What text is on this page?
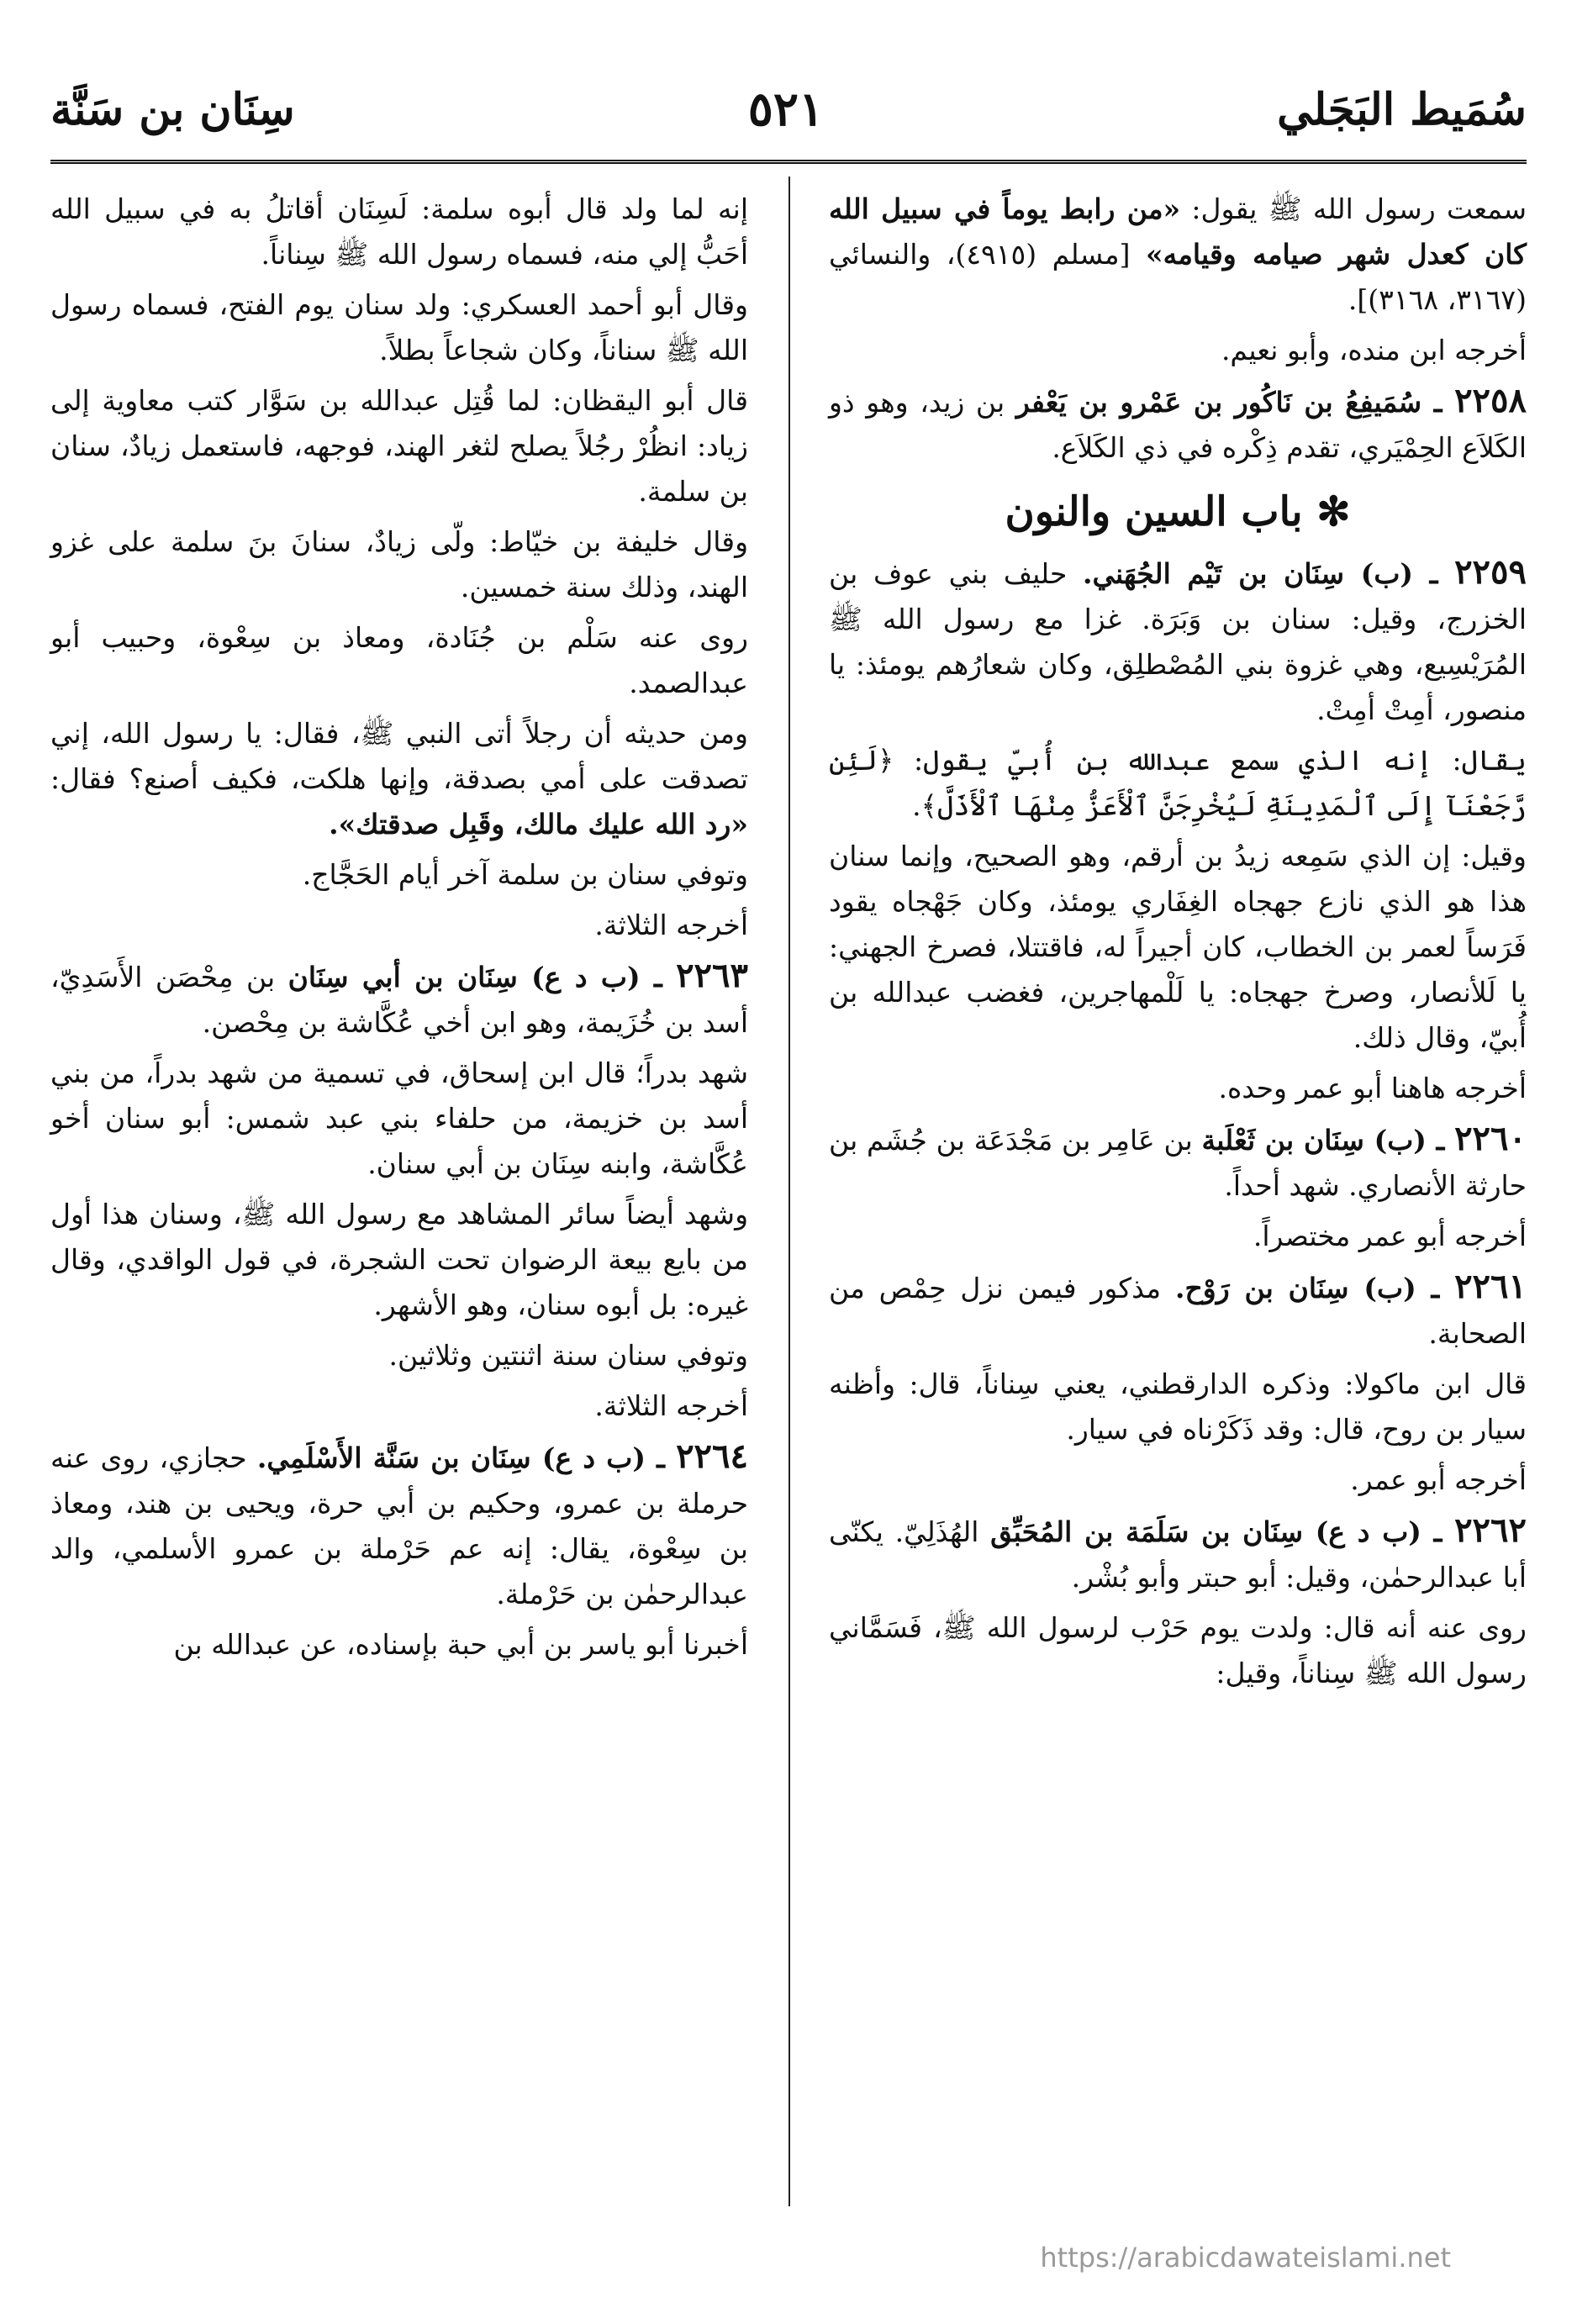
سُمَيط البَجَلي
٥٢١
سِنَان بن سَنَّة

سمعت رسول الله ﷺ يقول: «من رابط يوماً في سبيل الله كان كعدل شهر صيامه وقيامه» [مسلم (٤٩١٥)، والنسائي (٣١٦٧، ٣١٦٨)].

أخرجه ابن منده، وأبو نعيم.

٢٢٥٨ ـ سُمَيفِعُ بن نَاكُور بن عَمْرو بن يَعْفر بن زيد، وهو ذو الكَلاَع الحِمْيَري، تقدم ذِكْره في ذي الكَلاَع.

✻ باب السين والنون

٢٢٥٩ ـ (ب) سِنَان بن تَيْم الجُهَني. حليف بني عوف بن الخزرج، وقيل: سنان بن وَبَرَة. غزا مع رسول الله ﷺ المُرَيْسِيع، وهي غزوة بني المُصْطلِق، وكان شعارُهم يومئذ: يا منصور، أمِتْ أمِتْ.

يقال: إنه الذي سمع عبدالله بن أُبيّ يقول: ﴿لَئِن رَّجَعْنَآ إِلَى ٱلْمَدِينَةِ لَيُخْرِجَنَّ ٱلْأَعَزُّ مِنْهَا ٱلْأَذَلَّ﴾.

وقيل: إن الذي سَمِعه زيدُ بن أرقم، وهو الصحيح، وإنما سنان هذا هو الذي نازع جهجاه الغِفَاري يومئذ، وكان جَهْجاه يقود فَرَساً لعمر بن الخطاب، كان أجيراً له، فاقتتلا، فصرخ الجهني: يا لَلأنصار، وصرخ جهجاه: يا لَلْمهاجرين، فغضب عبدالله بن أُبيّ، وقال ذلك.

أخرجه هاهنا أبو عمر وحده.

٢٢٦٠ ـ (ب) سِنَان بن ثَعْلَبة بن عَامِر بن مَجْدَعَة بن جُشَم بن حارثة الأنصاري. شهد أحداً.

أخرجه أبو عمر مختصراً.

٢٢٦١ ـ (ب) سِنَان بن رَوْح. مذكور فيمن نزل حِمْص من الصحابة.

قال ابن ماكولا: وذكره الدارقطني، يعني سِناناً، قال: وأظنه سيار بن روح، قال: وقد ذَكَرْناه في سيار.

أخرجه أبو عمر.

٢٢٦٢ ـ (ب د ع) سِنَان بن سَلَمَة بن المُحَبِّق الهُذَلِيّ. يكنّى أبا عبدالرحمٰن، وقيل: أبو حبتر وأبو بُشْر.

روى عنه أنه قال: ولدت يوم حَرْب لرسول الله ﷺ، فَسَمَّاني رسول الله ﷺ سِناناً، وقيل:

إنه لما ولد قال أبوه سلمة: لَسِنَان أقاتلُ به في سبيل الله أحَبُّ إلي منه، فسماه رسول الله ﷺ سِناناً.

وقال أبو أحمد العسكري: ولد سنان يوم الفتح، فسماه رسول الله ﷺ سناناً، وكان شجاعاً بطلاً.

قال أبو اليقظان: لما قُتِل عبدالله بن سَوَّار كتب معاوية إلى زياد: انظُرْ رجُلاً يصلح لثغر الهند، فوجهه، فاستعمل زيادٌ، سنان بن سلمة.

وقال خليفة بن خيّاط: ولّى زيادٌ، سنانَ بنَ سلمة على غزو الهند، وذلك سنة خمسين.

روى عنه سَلْم بن جُنَادة، ومعاذ بن سِعْوة، وحبيب أبو عبدالصمد.

ومن حديثه أن رجلاً أتى النبي ﷺ، فقال: يا رسول الله، إني تصدقت على أمي بصدقة، وإنها هلكت، فكيف أصنع؟ فقال: «رد الله عليك مالك، وقَبِل صدقتك».

وتوفي سنان بن سلمة آخر أيام الحَجَّاج.

أخرجه الثلاثة.

٢٢٦٣ ـ (ب د ع) سِنَان بن أبي سِنَان بن مِحْصَن الأَسَدِيّ، أسد بن خُزَيمة، وهو ابن أخي عُكَّاشة بن مِحْصن.

شهد بدراً؛ قال ابن إسحاق، في تسمية من شهد بدراً، من بني أسد بن خزيمة، من حلفاء بني عبد شمس: أبو سنان أخو عُكَّاشة، وابنه سِنَان بن أبي سنان.

وشهد أيضاً سائر المشاهد مع رسول الله ﷺ، وسنان هذا أول من بايع بيعة الرضوان تحت الشجرة، في قول الواقدي، وقال غيره: بل أبوه سنان، وهو الأشهر.

وتوفي سنان سنة اثنتين وثلاثين.

أخرجه الثلاثة.

٢٢٦٤ ـ (ب د ع) سِنَان بن سَنَّة الأَسْلَمِي. حجازي، روى عنه حرملة بن عمرو، وحكيم بن أبي حرة، ويحيى بن هند، ومعاذ بن سِعْوة، يقال: إنه عم حَرْملة بن عمرو الأسلمي، والد عبدالرحمٰن بن حَرْملة.

أخبرنا أبو ياسر بن أبي حبة بإسناده، عن عبدالله بن

https://arabicdawateislami.net
